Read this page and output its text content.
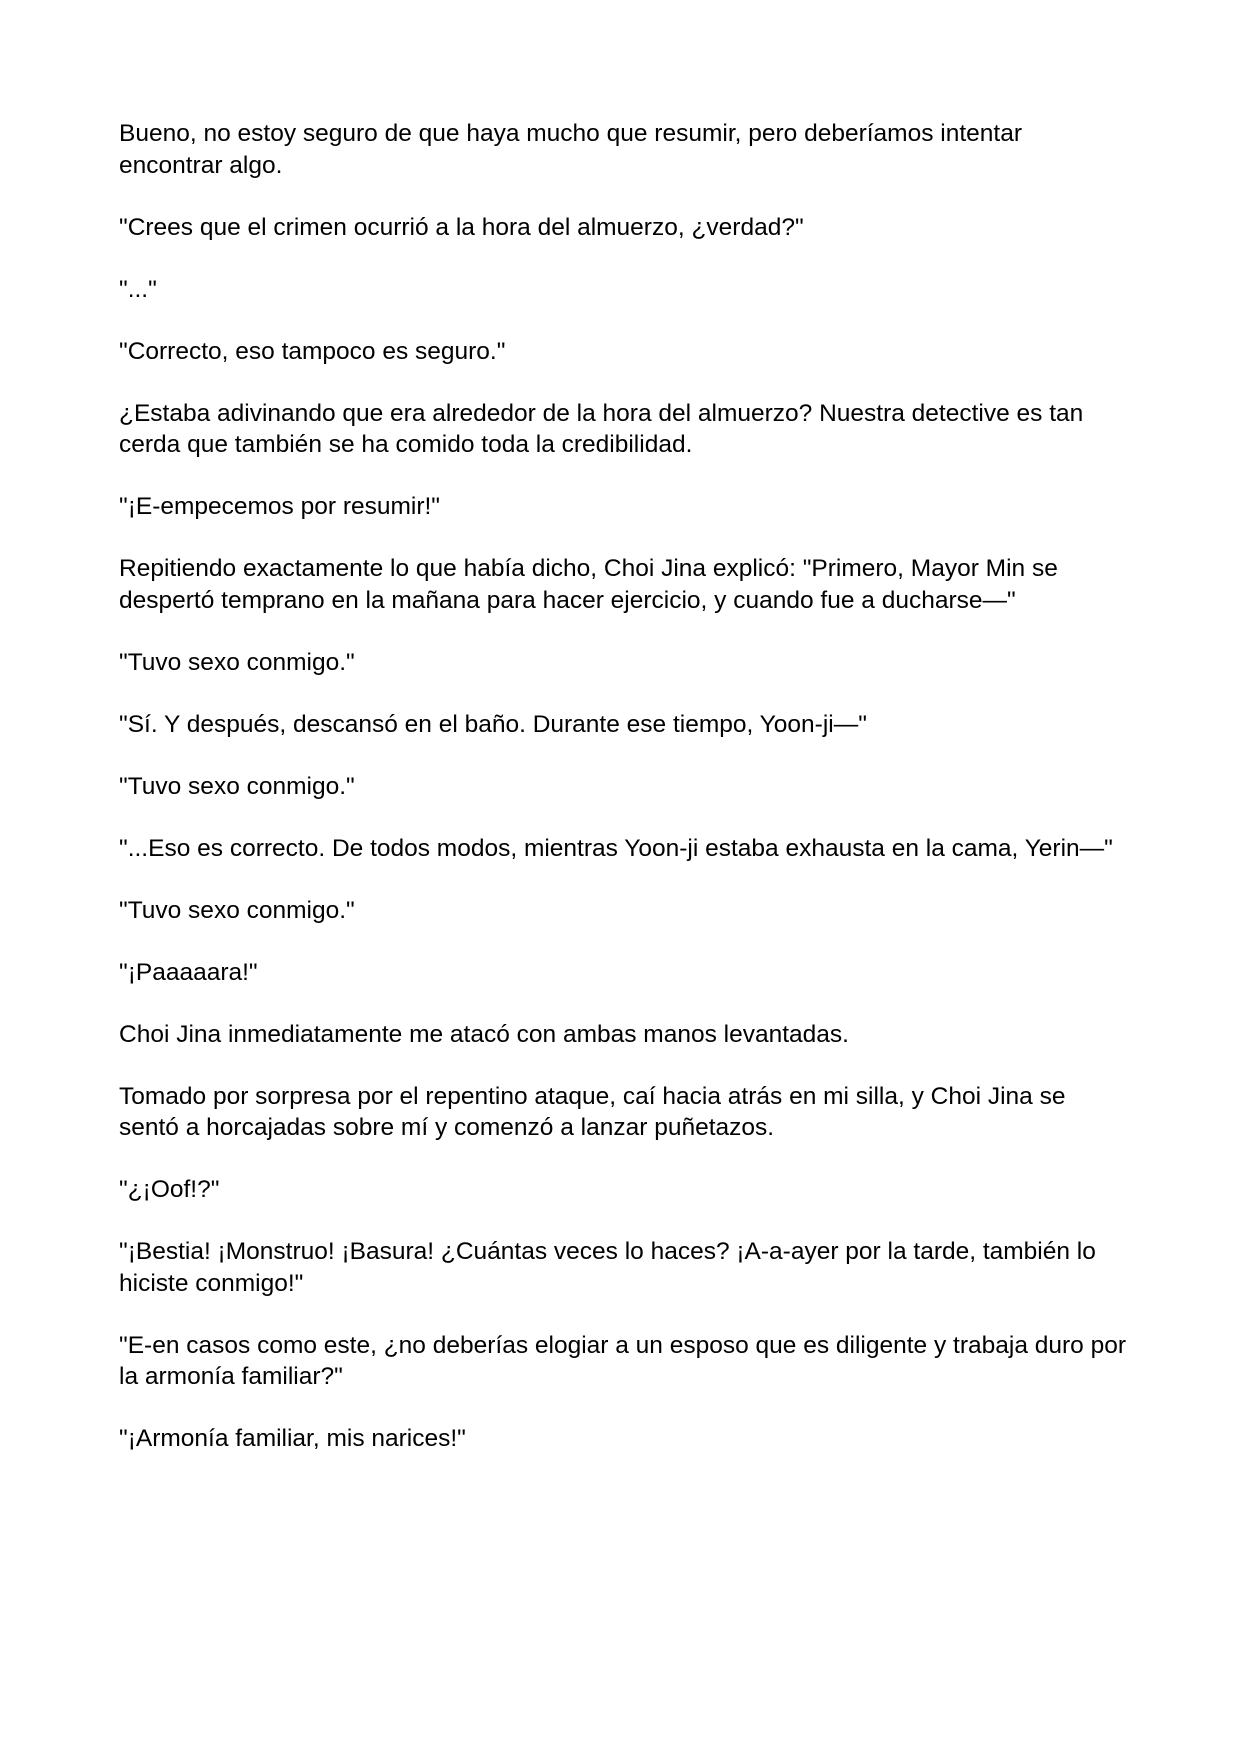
Bueno, no estoy seguro de que haya mucho que resumir, pero deberíamos intentar encontrar algo.

"Crees que el crimen ocurrió a la hora del almuerzo, ¿verdad?"

"..."

"Correcto, eso tampoco es seguro."

¿Estaba adivinando que era alrededor de la hora del almuerzo? Nuestra detective es tan cerda que también se ha comido toda la credibilidad.

"¡E-empecemos por resumir!"

Repitiendo exactamente lo que había dicho, Choi Jina explicó: "Primero, Mayor Min se despertó temprano en la mañana para hacer ejercicio, y cuando fue a ducharse—"

"Tuvo sexo conmigo."

"Sí. Y después, descansó en el baño. Durante ese tiempo, Yoon-ji—"

"Tuvo sexo conmigo."

"...Eso es correcto. De todos modos, mientras Yoon-ji estaba exhausta en la cama, Yerin—"

"Tuvo sexo conmigo."

"¡Paaaaara!"

Choi Jina inmediatamente me atacó con ambas manos levantadas.

Tomado por sorpresa por el repentino ataque, caí hacia atrás en mi silla, y Choi Jina se sentó a horcajadas sobre mí y comenzó a lanzar puñetazos.

"¿¡Oof!?"

"¡Bestia! ¡Monstruo! ¡Basura! ¿Cuántas veces lo haces? ¡A-a-ayer por la tarde, también lo hiciste conmigo!"

"E-en casos como este, ¿no deberías elogiar a un esposo que es diligente y trabaja duro por la armonía familiar?"

"¡Armonía familiar, mis narices!"
